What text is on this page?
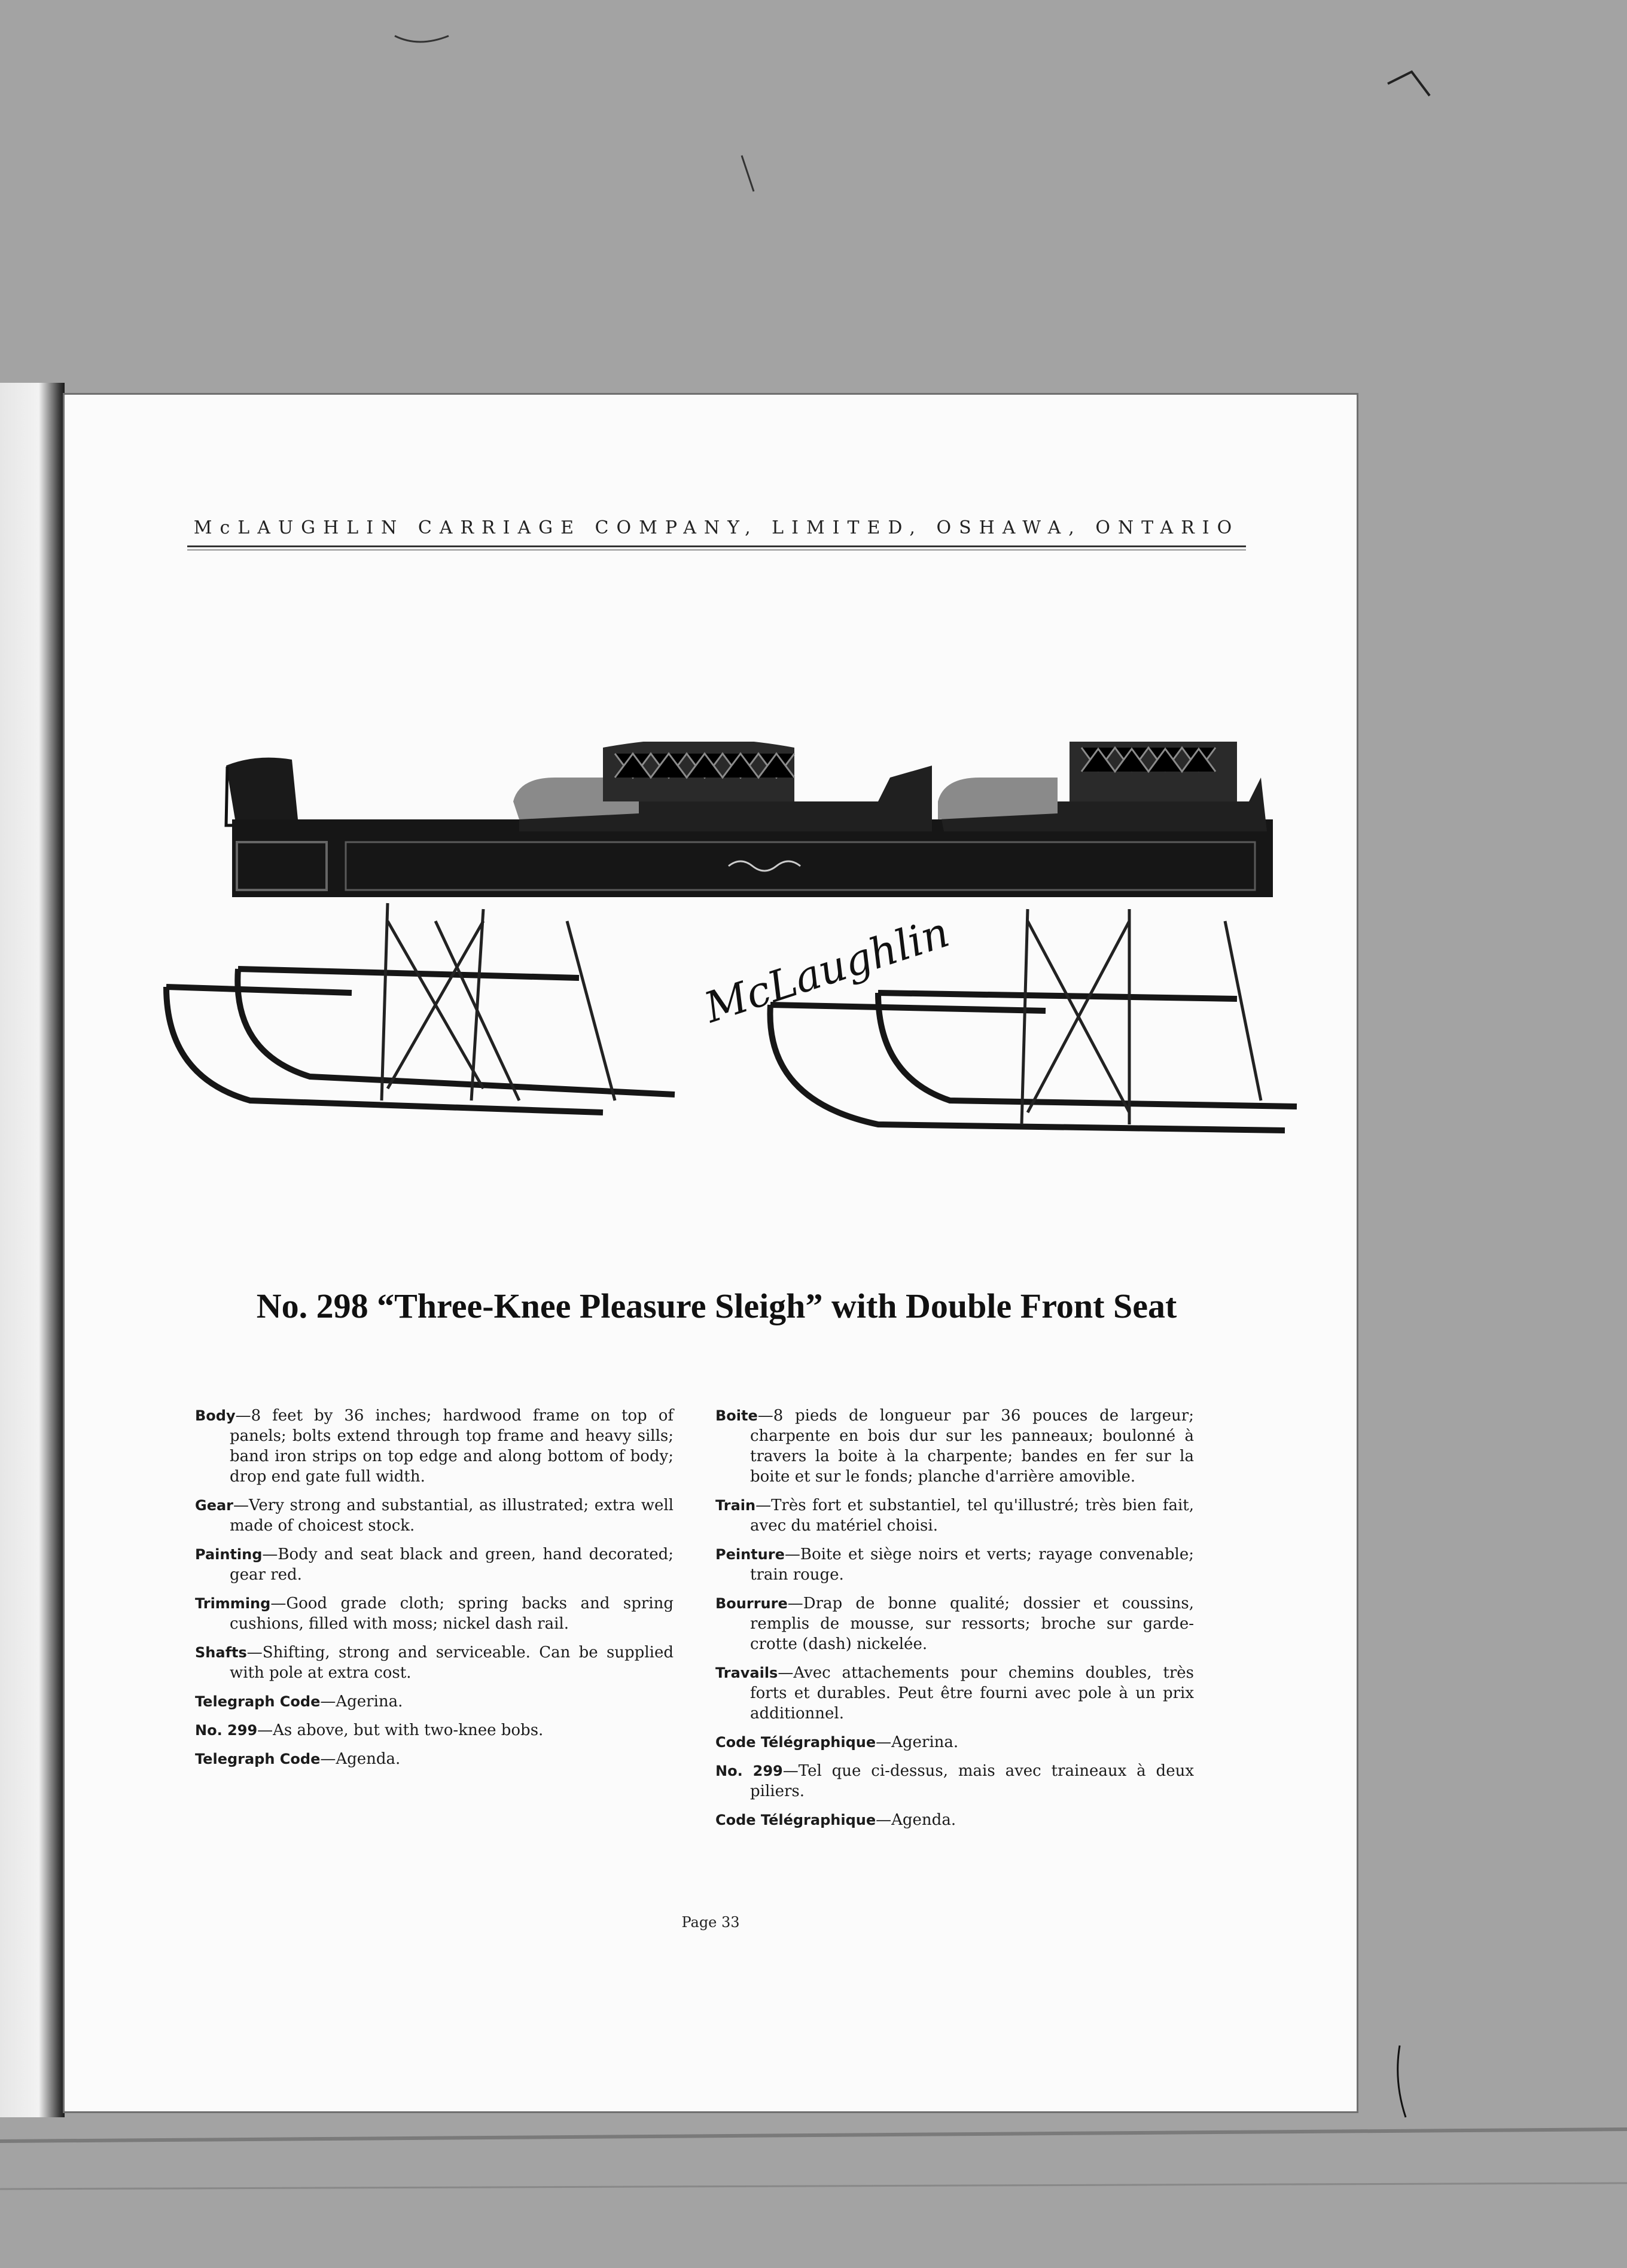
McLAUGHLIN CARRIAGE COMPANY, LIMITED, OSHAWA, ONTARIO
McLaughlin
No. 298 “Three-Knee Pleasure Sleigh” with Double Front Seat
Body—8 feet by 36 inches; hardwood frame on top of panels; bolts extend through top frame and heavy sills; band iron strips on top edge and along bottom of body; drop end gate full width.
Gear—Very strong and substantial, as illustrated; extra well made of choicest stock.
Painting—Body and seat black and green, hand decorated; gear red.
Trimming—Good grade cloth; spring backs and spring cushions, filled with moss; nickel dash rail.
Shafts—Shifting, strong and serviceable. Can be supplied with pole at extra cost.
Telegraph Code—Agerina.
No. 299—As above, but with two-knee bobs.
Telegraph Code—Agenda.
Boite—8 pieds de longueur par 36 pouces de largeur; charpente en bois dur sur les panneaux; boulonné à travers la boite à la charpente; bandes en fer sur la boite et sur le fonds; planche d'arrière amovible.
Train—Très fort et substantiel, tel qu'illustré; très bien fait, avec du matériel choisi.
Peinture—Boite et siège noirs et verts; rayage convenable; train rouge.
Bourrure—Drap de bonne qualité; dossier et coussins, remplis de mousse, sur ressorts; broche sur garde-crotte (dash) nickelée.
Travails—Avec attachements pour chemins doubles, très forts et durables. Peut être fourni avec pole à un prix additionnel.
Code Télégraphique—Agerina.
No. 299—Tel que ci-dessus, mais avec traineaux à deux piliers.
Code Télégraphique—Agenda.
Page 33
